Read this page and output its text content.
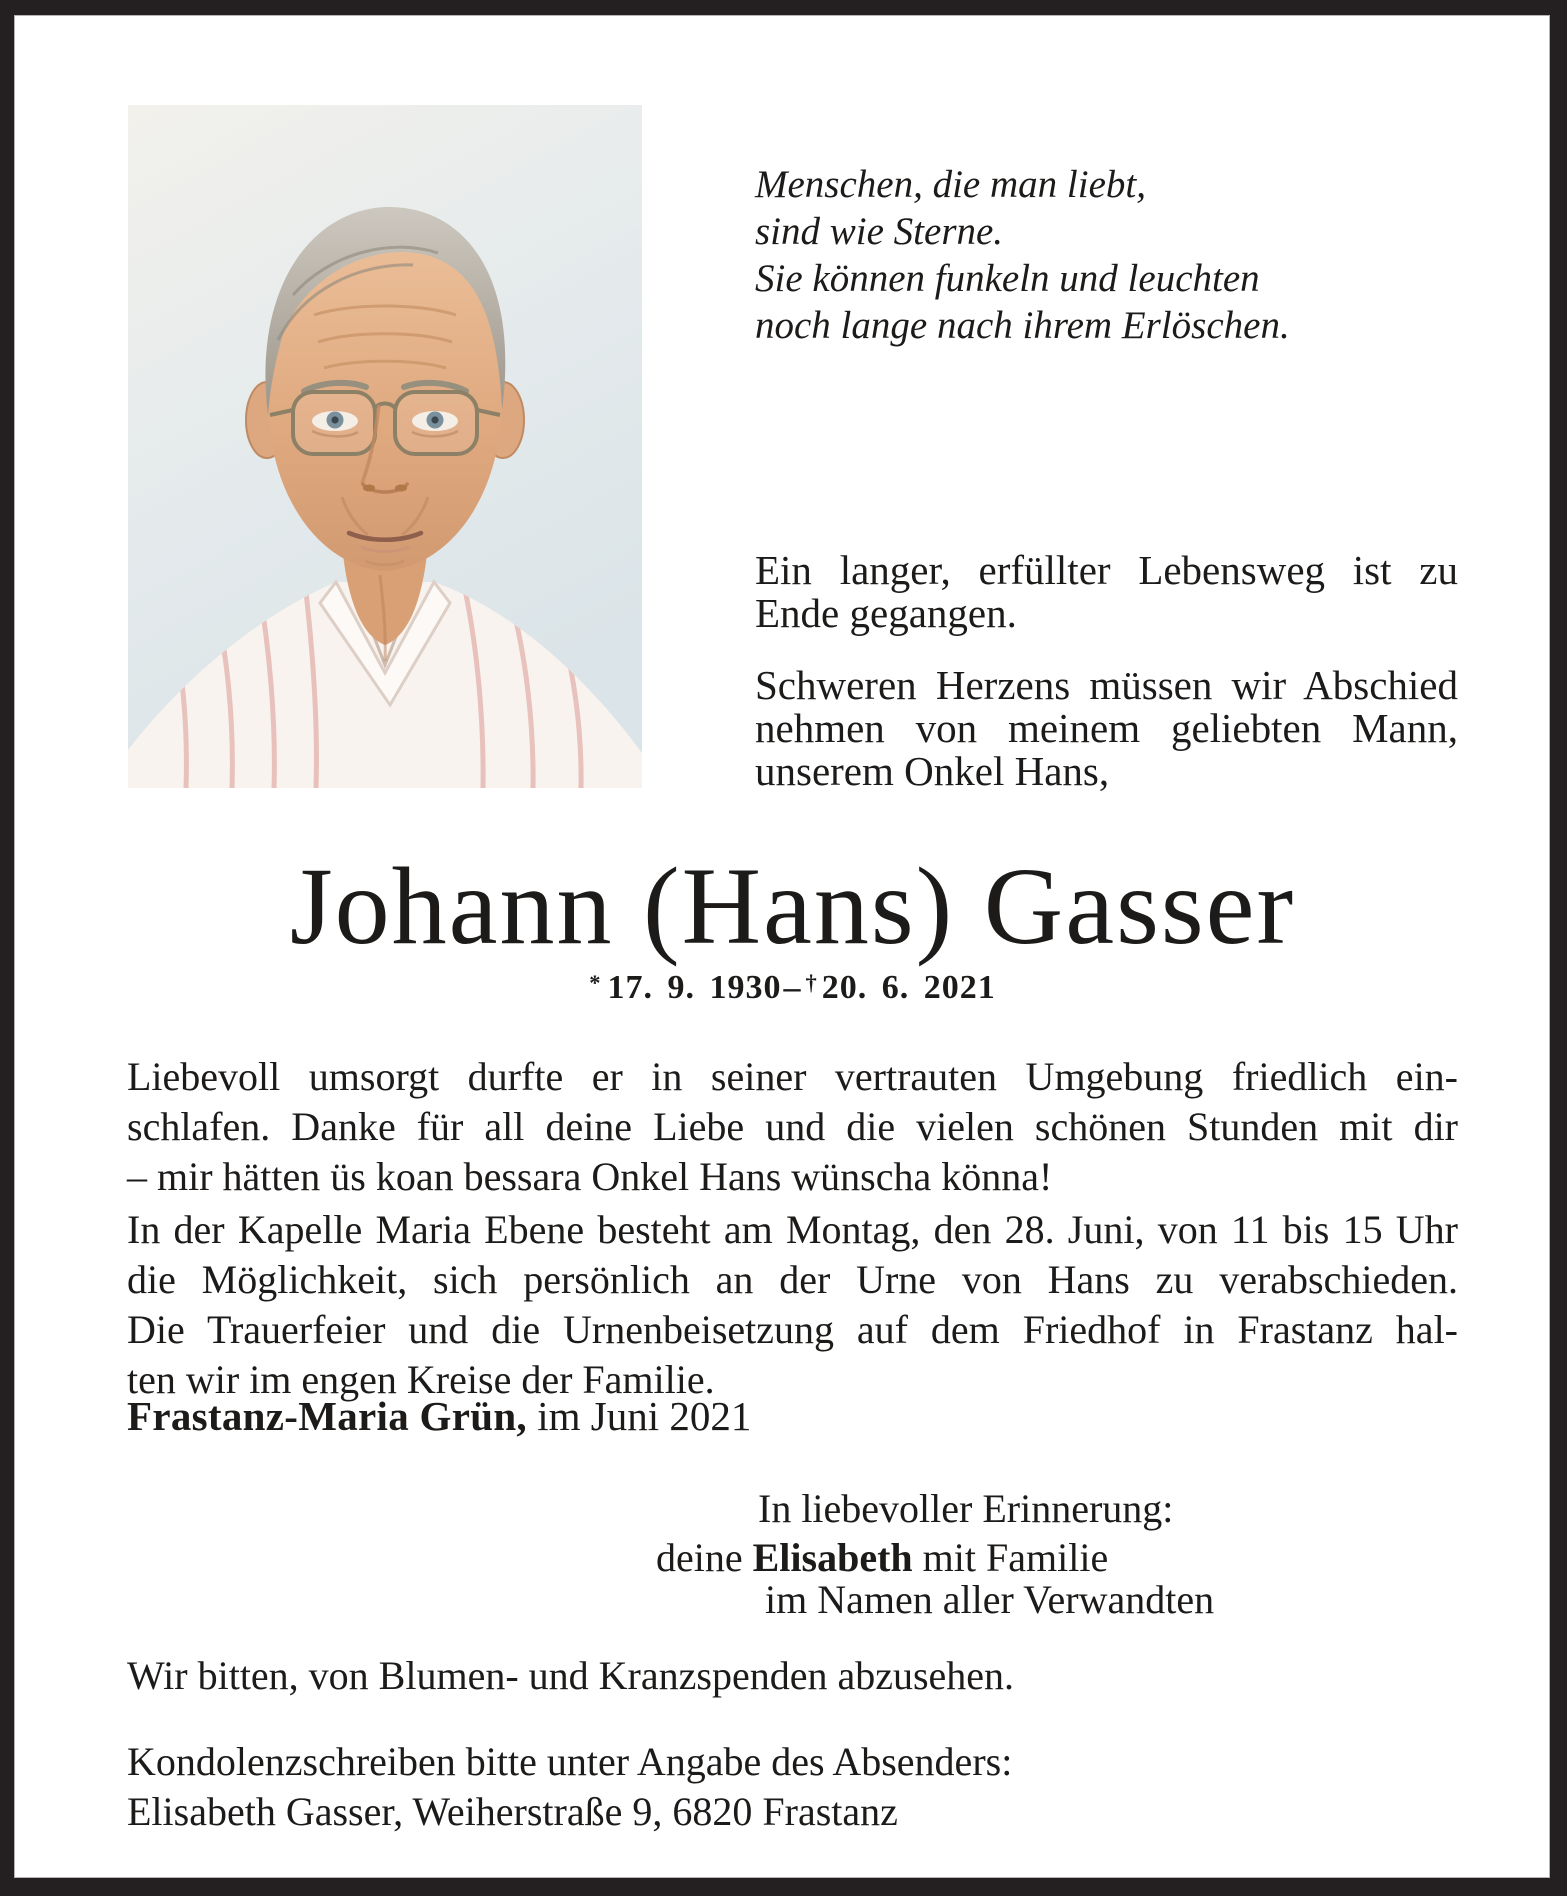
Menschen, die man liebt,
sind wie Sterne.
Sie können funkeln und leuchten
noch lange nach ihrem Erlöschen.
Ein langer, erfüllter Lebensweg ist zu
Ende gegangen.
Schweren Herzens müssen wir Abschied
nehmen von meinem geliebten Mann,
unserem Onkel Hans,
Johann (Hans) Gasser
* 17. 9. 1930– † 20. 6. 2021
Liebevoll umsorgt durfte er in seiner vertrauten Umgebung friedlich ein-
schlafen. Danke für all deine Liebe und die vielen schönen Stunden mit dir
– mir hätten üs koan bessara Onkel Hans wünscha könna!
In der Kapelle Maria Ebene besteht am Montag, den 28. Juni, von 11 bis 15 Uhr
die Möglichkeit, sich persönlich an der Urne von Hans zu verabschieden.
Die Trauerfeier und die Urnenbeisetzung auf dem Friedhof in Frastanz hal-
ten wir im engen Kreise der Familie.
Frastanz-Maria Grün, im Juni 2021
In liebevoller Erinnerung:
deine Elisabeth mit Familie
im Namen aller Verwandten
Wir bitten, von Blumen- und Kranzspenden abzusehen.
Kondolenzschreiben bitte unter Angabe des Absenders:
Elisabeth Gasser, Weiherstraße 9, 6820 Frastanz
